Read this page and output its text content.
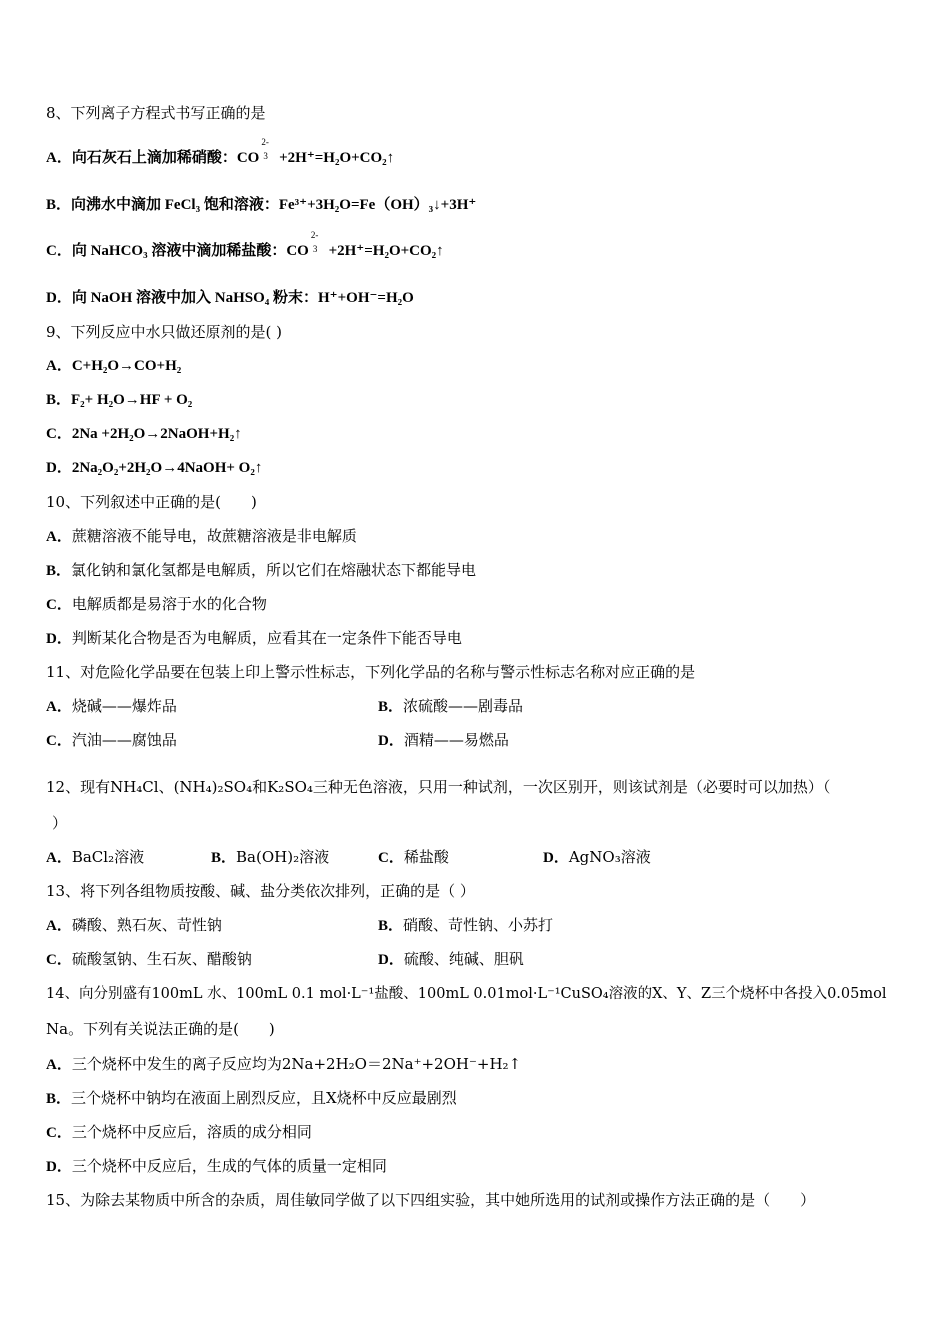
8、下列离子方程式书写正确的是
A．向石灰石上滴加稀硝酸：CO
2-
3 +2H⁺=H₂O+CO₂↑
B．向沸水中滴加 FeCl₃ 饱和溶液：Fe³⁺+3H₂O=Fe（OH）₃↓+3H⁺
C．向 NaHCO₃ 溶液中滴加稀盐酸：CO
2-
3 +2H⁺=H₂O+CO₂↑
D．向 NaOH 溶液中加入 NaHSO₄ 粉末：H⁺+OH⁻=H₂O
9、下列反应中水只做还原剂的是( )
A．C+H₂O→CO+H₂
B．F₂+ H₂O→HF + O₂
C．2Na +2H₂O→2NaOH+H₂↑
D．2Na₂O₂+2H₂O→4NaOH+ O₂↑
10、下列叙述中正确的是(　　)
A．蔗糖溶液不能导电，故蔗糖溶液是非电解质
B．氯化钠和氯化氢都是电解质，所以它们在熔融状态下都能导电
C．电解质都是易溶于水的化合物
D．判断某化合物是否为电解质，应看其在一定条件下能否导电
11、对危险化学品要在包装上印上警示性标志，下列化学品的名称与警示性标志名称对应正确的是
A．烧碱——爆炸品	B．浓硫酸——剧毒品
C．汽油——腐蚀品	D．酒精——易燃品
12、现有NH₄Cl、(NH₄)₂SO₄和K₂SO₄三种无色溶液，只用一种试剂，一次区别开，则该试剂是（必要时可以加热）（
）
A．BaCl₂溶液	B．Ba(OH)₂溶液	C．稀盐酸	D．AgNO₃溶液
13、将下列各组物质按酸、碱、盐分类依次排列，正确的是（ ）
A．磷酸、熟石灰、苛性钠	B．硝酸、苛性钠、小苏打
C．硫酸氢钠、生石灰、醋酸钠	D．硫酸、纯碱、胆矾
14、向分别盛有100mL 水、100mL 0.1 mol·L⁻¹盐酸、100mL 0.01mol·L⁻¹CuSO₄溶液的X、Y、Z三个烧杯中各投入0.05mol
Na。下列有关说法正确的是(　　)
A．三个烧杯中发生的离子反应均为2Na+2H₂O＝2Na⁺+2OH⁻+H₂↑
B．三个烧杯中钠均在液面上剧烈反应，且X烧杯中反应最剧烈
C．三个烧杯中反应后，溶质的成分相同
D．三个烧杯中反应后，生成的气体的质量一定相同
15、为除去某物质中所含的杂质，周佳敏同学做了以下四组实验，其中她所选用的试剂或操作方法正确的是（　　）
